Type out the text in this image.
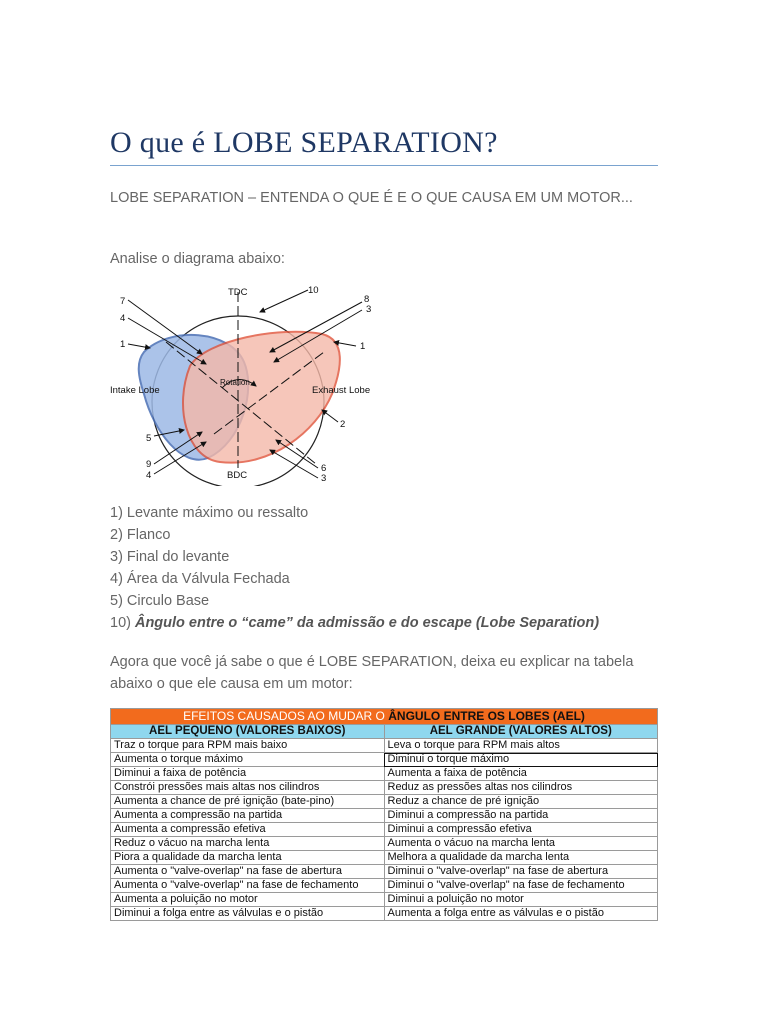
O que é LOBE SEPARATION?

LOBE SEPARATION – ENTENDA O QUE É E O QUE CAUSA EM UM MOTOR...

Analise o diagrama abaixo:

TDC
BDC
Rotation
Intake Lobe	Exhaust Lobe
10
7
4
1
8
3
1
2
5
9
4
6
3
1) Levante máximo ou ressalto
2) Flanco
3) Final do levante
4) Área da Válvula Fechada
5) Circulo Base
10) Ângulo entre o “came” da admissão e do escape (Lobe Separation)

Agora que você já sabe o que é LOBE SEPARATION, deixa eu explicar na tabela abaixo o que ele causa em um motor:

EFEITOS CAUSADOS AO MUDAR O ÂNGULO ENTRE OS LOBES (AEL)	
AEL PEQUENO (VALORES BAIXOS)	AEL GRANDE (VALORES ALTOS)
Traz o torque para RPM mais baixo	Leva o torque para RPM mais altos
Aumenta o torque máximo	Diminui o torque máximo
Diminui a faixa de potência	Aumenta a faixa de potência
Constrói pressões mais altas nos cilindros	Reduz as pressões altas nos cilindros
Aumenta a chance de pré ignição (bate-pino)	Reduz a chance de pré ignição
Aumenta a compressão na partida	Diminui a compressão na partida
Aumenta a compressão efetiva	Diminui a compressão efetiva
Reduz o vácuo na marcha lenta	Aumenta o vácuo na marcha lenta
Piora a qualidade da marcha lenta	Melhora a qualidade da marcha lenta
Aumenta o "valve-overlap" na fase de abertura	Diminui o "valve-overlap" na fase de abertura
Aumenta o "valve-overlap" na fase de fechamento	Diminui o "valve-overlap" na fase de fechamento
Aumenta a poluição no motor	Diminui a poluição no motor
Diminui a folga entre as válvulas e o pistão	Aumenta a folga entre as válvulas e o pistão
